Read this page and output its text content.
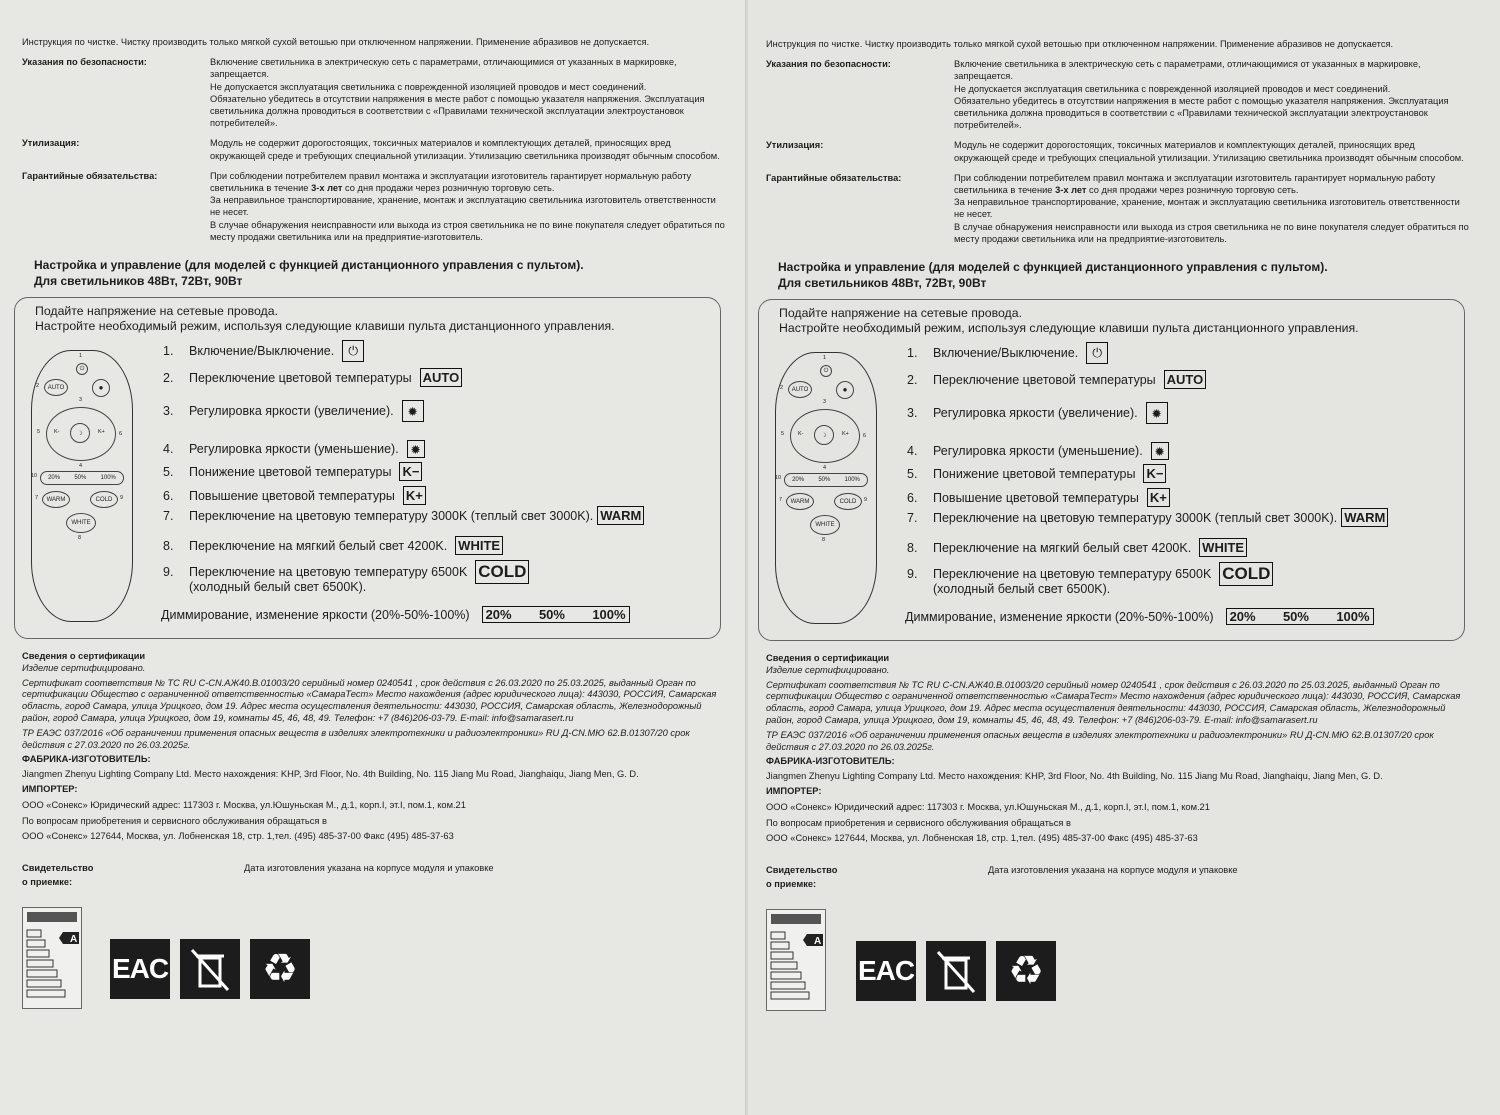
Инструкция по чистке. Чистку производить только мягкой сухой ветошью при отключенном напряжении. Применение абразивов не допускается.
Указания по безопасности:	Включение светильника в электрическую сеть с параметрами, отличающимися от указанных в маркировке, запрещается.

Не допускается эксплуатация светильника с поврежденной изоляцией проводов и мест соединений.

Обязательно убедитесь в отсутствии напряжения в месте работ с помощью указателя напряжения. Эксплуатация светильника должна проводиться в соответствии с «Правилами технической эксплуатации электроустановок потребителей».

Утилизация:	Модуль не содержит дорогостоящих, токсичных материалов и комплектующих деталей, приносящих вред окружающей среде и требующих специальной утилизации. Утилизацию светильника производят обычным способом.

Гарантийные обязательства:	При соблюдении потребителем правил монтажа и эксплуатации изготовитель гарантирует нормальную работу светильника в течение 3-х лет со дня продажи через розничную торговую сеть.

За неправильное транспортирование, хранение, монтаж и эксплуатацию светильника изготовитель ответственности не несет.

В случае обнаружения неисправности или выхода из строя светильника не по вине покупателя следует обратиться по месту продажи светильника или на предприятие-изготовитель.

Настройка и управление (для моделей с функцией дистанционного управления с пультом).
Для светильников 48Вт, 72Вт, 90Вт
Подайте напряжение на сетевые провода.
Настройте необходимый режим, используя следующие клавиши пульта дистанционного управления.
⏻
1
AUTO
2	✹
3
☽
K-	K+
5	6
4
20% 50% 100%
10
WARM
7	COLD	9
WHITE
8
1.	Включение/Выключение.	⏻
2.	Переключение цветовой температуры AUTO
3.	Регулировка яркости (увеличение).	✹
4.	Регулировка яркости (уменьшение). ✹
5.	Понижение цветовой температуры K−
6.	Повышение цветовой температуры K+
7.	Переключение на цветовую температуру 3000K (теплый свет 3000K). WARM
8.	Переключение на мягкий белый свет 4200K. WHITE
9.	Переключение на цветовую температуру 6500K COLD
(холодный белый свет 6500K).
Диммирование, изменение яркости (20%-50%-100%) 20% 50% 100%

Сведения о сертификации

Изделие сертифицировано.

Сертификат соответствия № ТС RU С-CN.АЖ40.В.01003/20 серийный номер 0240541 , срок действия с 26.03.2020 по 25.03.2025, выданный Орган по сертификации Общество с ограниченной ответственностью «СамараТест» Место нахождения (адрес юридического лица): 443030, РОССИЯ, Самарская область, город Самара, улица Урицкого, дом 19. Адрес места осуществления деятельности: 443030, РОССИЯ, Самарская область, Железнодорожный район, город Самара, улица Урицкого, дом 19, комнаты 45, 46, 48, 49. Телефон: +7 (846)206-03-79. E-mail: info@samarasert.ru

ТР ЕАЭС 037/2016 «Об ограничении применения опасных веществ в изделиях электротехники и радиоэлектроники» RU Д-CN.МЮ 62.В.01307/20 срок действия с 27.03.2020 по 26.03.2025г.

ФАБРИКА-ИЗГОТОВИТЕЛЬ:

Jiangmen Zhenyu Lighting Company Ltd. Место нахождения: KHP, 3rd Floor, No. 4th Building, No. 115 Jiang Mu Road, Jianghaiqu, Jiang Men, G. D.

ИМПОРТЕР:

ООО «Сонекс» Юридический адрес: 117303 г. Москва, ул.Юшуньская М., д.1, корп.I, эт.I, пом.1, ком.21

По вопросам приобретения и сервисного обслуживания обращаться в

ООО «Сонекс» 127644, Москва, ул. Лобненская 18, стр. 1,тел. (495) 485-37-00 Факс (495) 485-37-63

Свидетельство
о приемке:
Дата изготовления указана на корпусе модуля и упаковке
A
EAC ♻
Инструкция по чистке. Чистку производить только мягкой сухой ветошью при отключенном напряжении. Применение абразивов не допускается.
Указания по безопасности:	Включение светильника в электрическую сеть с параметрами, отличающимися от указанных в маркировке, запрещается.

Не допускается эксплуатация светильника с поврежденной изоляцией проводов и мест соединений.

Обязательно убедитесь в отсутствии напряжения в месте работ с помощью указателя напряжения. Эксплуатация светильника должна проводиться в соответствии с «Правилами технической эксплуатации электроустановок потребителей».

Утилизация:	Модуль не содержит дорогостоящих, токсичных материалов и комплектующих деталей, приносящих вред окружающей среде и требующих специальной утилизации. Утилизацию светильника производят обычным способом.

Гарантийные обязательства:	При соблюдении потребителем правил монтажа и эксплуатации изготовитель гарантирует нормальную работу светильника в течение 3-х лет со дня продажи через розничную торговую сеть.

За неправильное транспортирование, хранение, монтаж и эксплуатацию светильника изготовитель ответственности не несет.

В случае обнаружения неисправности или выхода из строя светильника не по вине покупателя следует обратиться по месту продажи светильника или на предприятие-изготовитель.

Настройка и управление (для моделей с функцией дистанционного управления с пультом).
Для светильников 48Вт, 72Вт, 90Вт
Подайте напряжение на сетевые провода.
Настройте необходимый режим, используя следующие клавиши пульта дистанционного управления.
⏻
1
AUTO
2	✹
3
☽
K-	K+
5	6
4
20% 50% 100%
10
WARM
7	COLD	9
WHITE
8
1.	Включение/Выключение.	⏻
2.	Переключение цветовой температуры AUTO
3.	Регулировка яркости (увеличение).	✹
4.	Регулировка яркости (уменьшение). ✹
5.	Понижение цветовой температуры K−
6.	Повышение цветовой температуры K+
7.	Переключение на цветовую температуру 3000K (теплый свет 3000K). WARM
8.	Переключение на мягкий белый свет 4200K. WHITE
9.	Переключение на цветовую температуру 6500K COLD
(холодный белый свет 6500K).
Диммирование, изменение яркости (20%-50%-100%) 20% 50% 100%

Сведения о сертификации

Изделие сертифицировано.

Сертификат соответствия № ТС RU С-CN.АЖ40.В.01003/20 серийный номер 0240541 , срок действия с 26.03.2020 по 25.03.2025, выданный Орган по сертификации Общество с ограниченной ответственностью «СамараТест» Место нахождения (адрес юридического лица): 443030, РОССИЯ, Самарская область, город Самара, улица Урицкого, дом 19. Адрес места осуществления деятельности: 443030, РОССИЯ, Самарская область, Железнодорожный район, город Самара, улица Урицкого, дом 19, комнаты 45, 46, 48, 49. Телефон: +7 (846)206-03-79. E-mail: info@samarasert.ru

ТР ЕАЭС 037/2016 «Об ограничении применения опасных веществ в изделиях электротехники и радиоэлектроники» RU Д-CN.МЮ 62.В.01307/20 срок действия с 27.03.2020 по 26.03.2025г.

ФАБРИКА-ИЗГОТОВИТЕЛЬ:

Jiangmen Zhenyu Lighting Company Ltd. Место нахождения: KHP, 3rd Floor, No. 4th Building, No. 115 Jiang Mu Road, Jianghaiqu, Jiang Men, G. D.

ИМПОРТЕР:

ООО «Сонекс» Юридический адрес: 117303 г. Москва, ул.Юшуньская М., д.1, корп.I, эт.I, пом.1, ком.21

По вопросам приобретения и сервисного обслуживания обращаться в

ООО «Сонекс» 127644, Москва, ул. Лобненская 18, стр. 1,тел. (495) 485-37-00 Факс (495) 485-37-63

Свидетельство
о приемке:
Дата изготовления указана на корпусе модуля и упаковке
A
EAC ♻
